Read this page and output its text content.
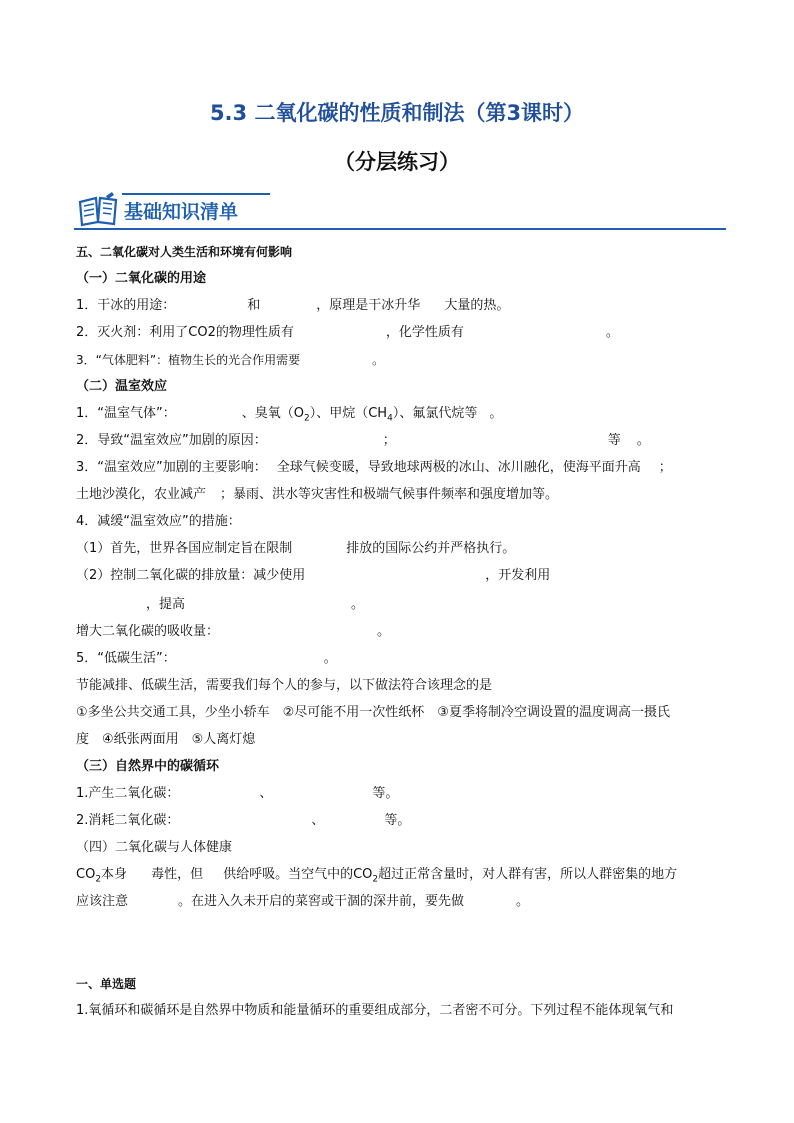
5.3 二氧化碳的性质和制法（第3课时）
（分层练习）
基础知识清单
五、二氧化碳对人类生活和环境有何影响
（一）二氧化碳的用途
1．干冰的用途：	和	，原理是干冰升华 大量的热。
2．灭火剂：利用了CO2的物理性质有	，化学性质有	。
3．“气体肥料”：植物生长的光合作用需要	。
（二）温室效应
1．“温室气体”：	、臭氧$(O_2)$、甲烷$(CH_4)$、氟氯代烷等 。
2．导致“温室效应”加剧的原因：	；	等 。
3．“温室效应”加剧的主要影响： 全球气候变暖，导致地球两极的冰山、冰川融化，使海平面升高 ；
土地沙漠化，农业减产 ；暴雨、洪水等灾害性和极端气候事件频率和强度增加等。
4．减缓“温室效应”的措施：
（1）首先，世界各国应制定旨在限制	排放的国际公约并严格执行。
（2）控制二氧化碳的排放量：减少使用	，开发利用
，提高	。
增大二氧化碳的吸收量：	。
5．“低碳生活”：	。
节能减排、低碳生活，需要我们每个人的参与，以下做法符合该理念的是
①多坐公共交通工具，少坐小轿车　②尽可能不用一次性纸杯　③夏季将制冷空调设置的温度调高一摄氏
度　④纸张两面用　⑤人离灯熄
（三）自然界中的碳循环
1.产生二氧化碳：	、	等。
2.消耗二氧化碳：	、	等。
（四）二氧化碳与人体健康
$CO_2$本身 毒性，但 供给呼吸。当空气中的$CO_2$超过正常含量时，对人群有害，所以人群密集的地方
应该注意	。在进入久未开启的菜窖或干涸的深井前，要先做	。
一、单选题
1.氧循环和碳循环是自然界中物质和能量循环的重要组成部分，二者密不可分。下列过程不能体现氧气和
